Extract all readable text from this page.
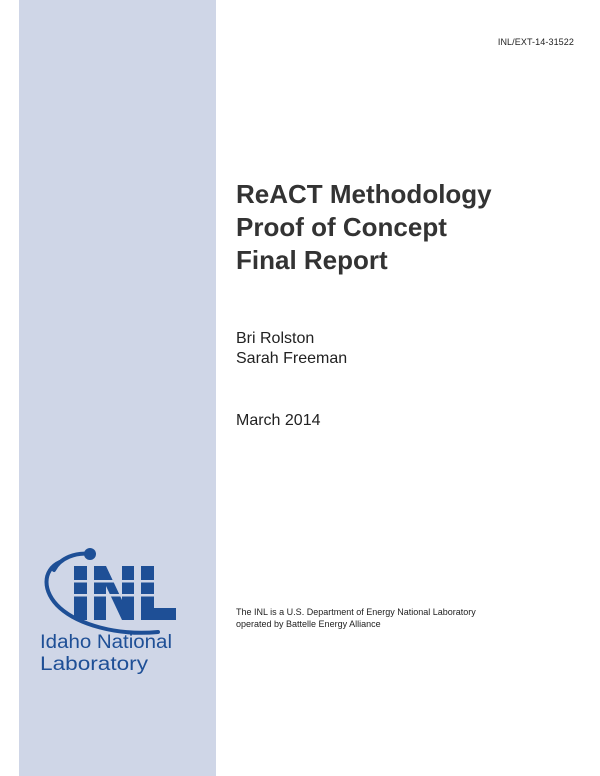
INL/EXT-14-31522
ReACT Methodology
Proof of Concept
Final Report
Bri Rolston
Sarah Freeman
March 2014
The INL is a U.S. Department of Energy National Laboratory
operated by Battelle Energy Alliance
Idaho National
Laboratory
